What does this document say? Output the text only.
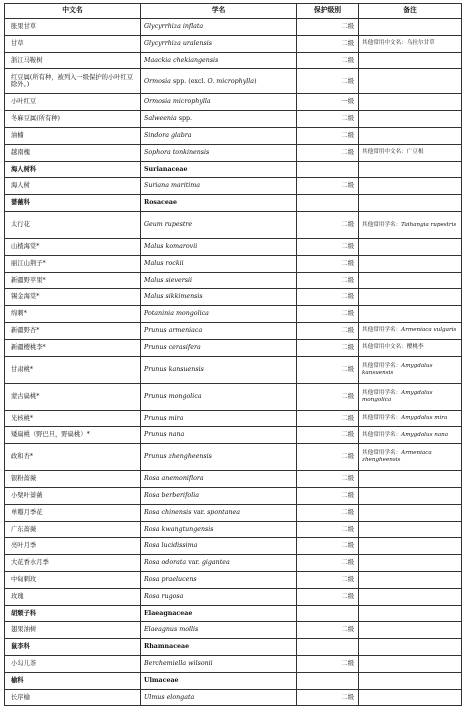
中文名	学名	保护级别	备注
胀果甘草	Glycyrrhiza inflata	二级	
甘草	Glycyrrhiza uralensis	二级	其他常用中文名：乌拉尔甘草
浙江马鞍树	Maackia chekiangensis	二级	
红豆属(所有种，被列入一级保护的小叶红豆除外。)	Ormosia spp. (excl. O. microphylla)	二级	
小叶红豆	Ormosia microphylla	一级	
冬麻豆属(所有种)	Salweenia spp.	二级	
油楠	Sindora glabra	二级	
越南槐	Sophora tonkinensis	二级	其他常用中文名：广豆根
海人树科	Surianaceae		
海人树	Suriana maritima	二级	
蔷薇科	Rosaceae		
太行花	Geum rupestre	二级	其他常用学名：Taihangia rupestris
山楂海棠*	Malus komarovii	二级	
丽江山荆子*	Malus rockii	二级	
新疆野苹果*	Malus sieversii	二级	
锡金海棠*	Malus sikkimensis	二级	
绵刺*	Potaninia mongolica	二级	
新疆野杏*	Prunus armeniaca	二级	其他常用学名：Armeniaca vulgaris
新疆樱桃李*	Prunus cerasifera	二级	其他常用中文名：樱桃李
甘肃桃*	Prunus kansuensis	二级	其他常用学名：Amygdalus kansuensis
蒙古扁桃*	Prunus mongolica	二级	其他常用学名：Amygdalus mongolica
光核桃*	Prunus mira	二级	其他常用学名：Amygdalus mira
矮扁桃（野巴旦，野扁桃）*	Prunus nana	二级	其他常用学名：Amygdalus nana
政和杏*	Prunus zhengheensis	二级	其他常用学名：Armeniaca zhengheensis
银粉蔷薇	Rosa anemoniflora	二级	
小檗叶蔷薇	Rosa berberifolia	二级	
单瓣月季花	Rosa chinensis var. spontanea	二级	
广东蔷薇	Rosa kwangtungensis	二级	
亮叶月季	Rosa lucidissima	二级	
大花香水月季	Rosa odorata var. gigantea	二级	
中甸刺玫	Rosa praelucens	二级	
玫瑰	Rosa rugosa	二级	
胡颓子科	Elaeagnaceae		
翅果油树	Elaeagnus mollis	二级	
鼠李科	Rhamnaceae		
小勾儿茶	Berchemiella wilsonii	二级	
榆科	Ulmaceae		
长序榆	Ulmus elongata	二级	
